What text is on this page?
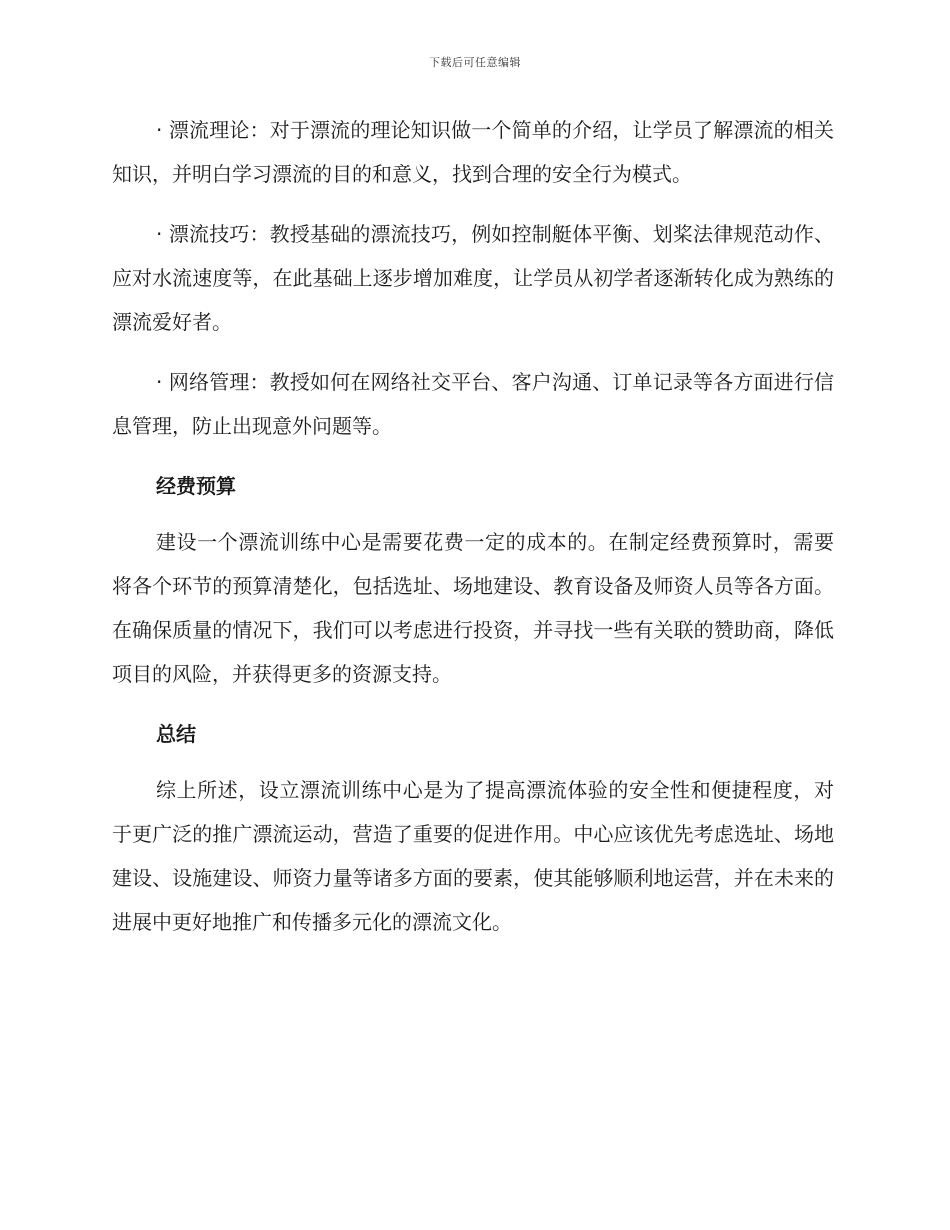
下载后可任意编辑

· 漂流理论：对于漂流的理论知识做一个简单的介绍，让学员了解漂流的相关知识，并明白学习漂流的目的和意义，找到合理的安全行为模式。

· 漂流技巧：教授基础的漂流技巧，例如控制艇体平衡、划桨法律规范动作、应对水流速度等，在此基础上逐步增加难度，让学员从初学者逐渐转化成为熟练的漂流爱好者。

· 网络管理：教授如何在网络社交平台、客户沟通、订单记录等各方面进行信息管理，防止出现意外问题等。

经费预算

建设一个漂流训练中心是需要花费一定的成本的。在制定经费预算时，需要将各个环节的预算清楚化，包括选址、场地建设、教育设备及师资人员等各方面。在确保质量的情况下，我们可以考虑进行投资，并寻找一些有关联的赞助商，降低项目的风险，并获得更多的资源支持。

总结

综上所述，设立漂流训练中心是为了提高漂流体验的安全性和便捷程度，对于更广泛的推广漂流运动，营造了重要的促进作用。中心应该优先考虑选址、场地建设、设施建设、师资力量等诸多方面的要素，使其能够顺利地运营，并在未来的进展中更好地推广和传播多元化的漂流文化。
